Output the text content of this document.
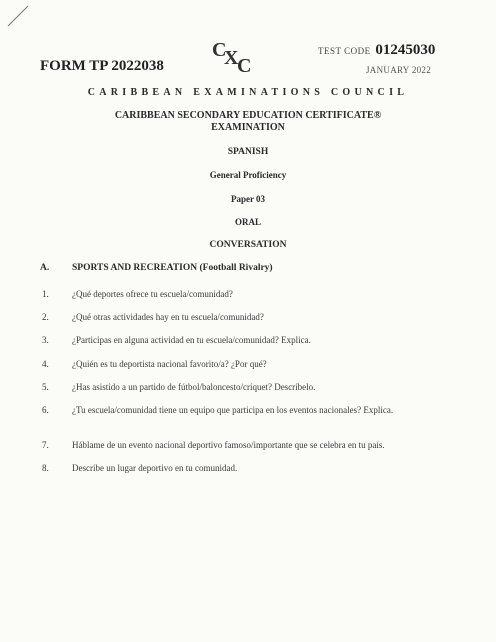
C
X
C
TEST CODE 01245030
FORM TP 2022038	JANUARY 2022
CARIBBEAN EXAMINATIONS COUNCIL
CARIBBEAN SECONDARY EDUCATION CERTIFICATE®
EXAMINATION
SPANISH
General Proficiency
Paper 03
ORAL
CONVERSATION
A. SPORTS AND RECREATION (Football Rivalry)
1.	¿Qué deportes ofrece tu escuela/comunidad?
2.	¿Qué otras actividades hay en tu escuela/comunidad?
3.	¿Participas en alguna actividad en tu escuela/comunidad? Explica.
4.	¿Quién es tu deportista nacional favorito/a? ¿Por qué?
5.	¿Has asistido a un partido de fútbol/baloncesto/críquet? Descríbelo.
6.	¿Tu escuela/comunidad tiene un equipo que participa en los eventos nacionales? Explica.
7.	Háblame de un evento nacional deportivo famoso/importante que se celebra en tu país.
8.	Describe un lugar deportivo en tu comunidad.
